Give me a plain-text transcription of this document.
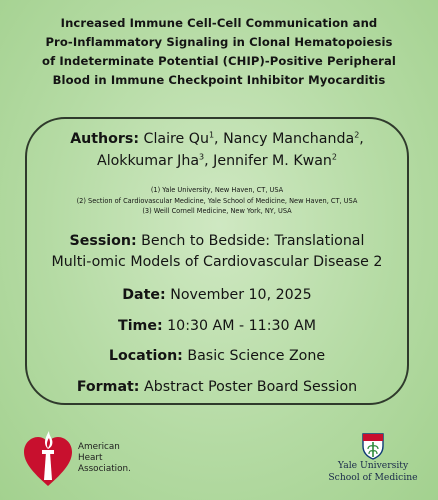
Increased Immune Cell-Cell Communication and
Pro-Inflammatory Signaling in Clonal Hematopoiesis
of Indeterminate Potential (CHIP)-Positive Peripheral
Blood in Immune Checkpoint Inhibitor Myocarditis
Authors: Claire Qu$^1$, Nancy Manchanda$^2$,
Alokkumar Jha$^3$, Jennifer M. Kwan$^2$
(1) Yale University, New Haven, CT, USA
(2) Section of Cardiovascular Medicine, Yale School of Medicine, New Haven, CT, USA
(3) Weill Cornell Medicine, New York, NY, USA
Session: Bench to Bedside: Translational
Multi-omic Models of Cardiovascular Disease 2
Date: November 10, 2025
Time: 10:30 AM - 11:30 AM
Location: Basic Science Zone
Format: Abstract Poster Board Session
American
Heart
Association.	Yale University
School of Medicine
